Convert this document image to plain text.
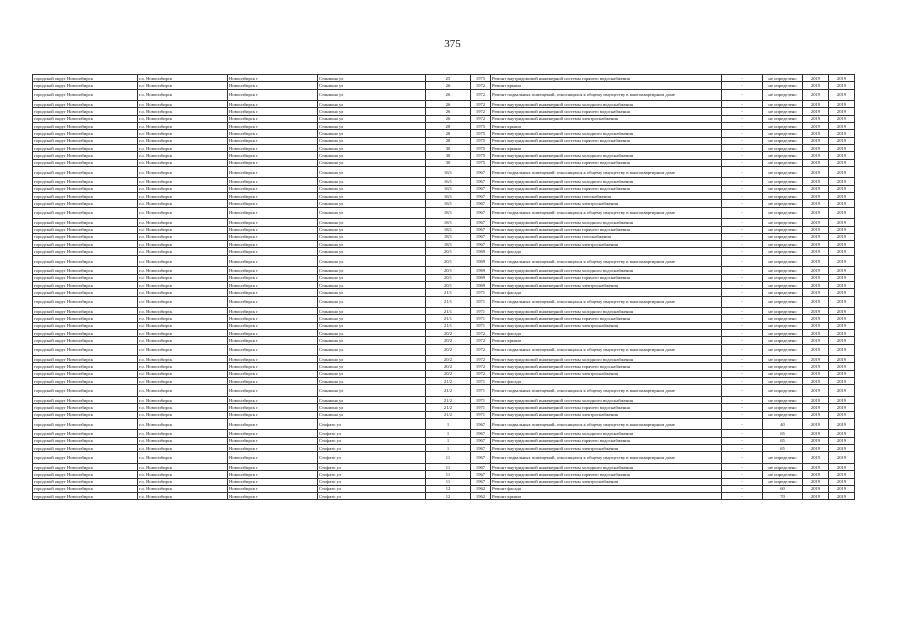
375
городской округ Новосибирск	г.о. Новосибирск	Новосибирск г	Станиона ул	25	1975	Ремонт внутридомовой инженерной системы горячего водоснабжения	-	не определено	2019	2019
городской округ Новосибирск	г.о. Новосибирск	Новосибирск г	Станиона ул	26	1972	Ремонт крыши	-	не определено	2019	2019
городской округ Новосибирск	г.о. Новосибирск	Новосибирск г	Станиона ул	26	1972	Ремонт подвальных помещений, относящихся к общему имуществу в многоквартирном доме	-	не определено	2019	2019
городской округ Новосибирск	г.о. Новосибирск	Новосибирск г	Станиона ул	26	1972	Ремонт внутридомовой инженерной системы холодного водоснабжения	-	не определено	2019	2019
городской округ Новосибирск	г.о. Новосибирск	Новосибирск г	Станиона ул	26	1972	Ремонт внутридомовой инженерной системы горячего водоснабжения	-	не определено	2019	2019
городской округ Новосибирск	г.о. Новосибирск	Новосибирск г	Станиона ул	26	1972	Ремонт внутридомовой инженерной системы электроснабжения	-	не определено	2019	2019
городской округ Новосибирск	г.о. Новосибирск	Новосибирск г	Станиона ул	28	1975	Ремонт крыши	-	не определено	2019	2019
городской округ Новосибирск	г.о. Новосибирск	Новосибирск г	Станиона ул	28	1975	Ремонт внутридомовой инженерной системы холодного водоснабжения	-	не определено	2019	2019
городской округ Новосибирск	г.о. Новосибирск	Новосибирск г	Станиона ул	28	1975	Ремонт внутридомовой инженерной системы горячего водоснабжения	-	не определено	2019	2019
городской округ Новосибирск	г.о. Новосибирск	Новосибирск г	Станиона ул	30	1975	Ремонт крыши	-	не определено	2019	2019
городской округ Новосибирск	г.о. Новосибирск	Новосибирск г	Станиона ул	30	1975	Ремонт внутридомовой инженерной системы холодного водоснабжения	-	не определено	2019	2019
городской округ Новосибирск	г.о. Новосибирск	Новосибирск г	Станиона ул	30	1975	Ремонт внутридомовой инженерной системы горячего водоснабжения	-	не определено	2019	2019
городской округ Новосибирск	г.о. Новосибирск	Новосибирск г	Станиона ул	16/1	1967	Ремонт подвальных помещений, относящихся к общему имуществу в многоквартирном доме	-	не определено	2019	2019
городской округ Новосибирск	г.о. Новосибирск	Новосибирск г	Станиона ул	16/1	1967	Ремонт внутридомовой инженерной системы холодного водоснабжения	-	не определено	2019	2019
городской округ Новосибирск	г.о. Новосибирск	Новосибирск г	Станиона ул	16/1	1967	Ремонт внутридомовой инженерной системы горячего водоснабжения	-	не определено	2019	2019
городской округ Новосибирск	г.о. Новосибирск	Новосибирск г	Станиона ул	16/1	1967	Ремонт внутридомовой инженерной системы газоснабжения	-	не определено	2019	2019
городской округ Новосибирск	г.о. Новосибирск	Новосибирск г	Станиона ул	16/1	1967	Ремонт внутридомовой инженерной системы электроснабжения	-	не определено	2019	2019
городской округ Новосибирск	г.о. Новосибирск	Новосибирск г	Станиона ул	18/1	1967	Ремонт подвальных помещений, относящихся к общему имуществу в многоквартирном доме	-	не определено	2019	2019
городской округ Новосибирск	г.о. Новосибирск	Новосибирск г	Станиона ул	18/1	1967	Ремонт внутридомовой инженерной системы холодного водоснабжения	-	не определено	2019	2019
городской округ Новосибирск	г.о. Новосибирск	Новосибирск г	Станиона ул	18/1	1967	Ремонт внутридомовой инженерной системы горячего водоснабжения	-	не определено	2019	2019
городской округ Новосибирск	г.о. Новосибирск	Новосибирск г	Станиона ул	18/1	1967	Ремонт внутридомовой инженерной системы газоснабжения	-	не определено	2019	2019
городской округ Новосибирск	г.о. Новосибирск	Новосибирск г	Станиона ул	18/1	1967	Ремонт внутридомовой инженерной системы электроснабжения	-	не определено	2019	2019
городской округ Новосибирск	г.о. Новосибирск	Новосибирск г	Станиона ул	20/1	1969	Ремонт фасада	-	не определено	2019	2019
городской округ Новосибирск	г.о. Новосибирск	Новосибирск г	Станиона ул	20/1	1969	Ремонт подвальных помещений, относящихся к общему имуществу в многоквартирном доме	-	не определено	2019	2019
городской округ Новосибирск	г.о. Новосибирск	Новосибирск г	Станиона ул	20/1	1969	Ремонт внутридомовой инженерной системы холодного водоснабжения	-	не определено	2019	2019
городской округ Новосибирск	г.о. Новосибирск	Новосибирск г	Станиона ул	20/1	1969	Ремонт внутридомовой инженерной системы горячего водоснабжения	-	не определено	2019	2019
городской округ Новосибирск	г.о. Новосибирск	Новосибирск г	Станиона ул	20/1	1969	Ремонт внутридомовой инженерной системы электроснабжения	-	не определено	2019	2019
городской округ Новосибирск	г.о. Новосибирск	Новосибирск г	Станиона ул	21/1	1971	Ремонт фасада	-	не определено	2019	2019
городской округ Новосибирск	г.о. Новосибирск	Новосибирск г	Станиона ул	21/1	1971	Ремонт подвальных помещений, относящихся к общему имуществу в многоквартирном доме	-	не определено	2019	2019
городской округ Новосибирск	г.о. Новосибирск	Новосибирск г	Станиона ул	21/1	1971	Ремонт внутридомовой инженерной системы холодного водоснабжения	-	не определено	2019	2019
городской округ Новосибирск	г.о. Новосибирск	Новосибирск г	Станиона ул	21/1	1971	Ремонт внутридомовой инженерной системы горячего водоснабжения	-	не определено	2019	2019
городской округ Новосибирск	г.о. Новосибирск	Новосибирск г	Станиона ул	21/1	1971	Ремонт внутридомовой инженерной системы электроснабжения	-	не определено	2019	2019
городской округ Новосибирск	г.о. Новосибирск	Новосибирск г	Станиона ул	20/2	1972	Ремонт фасада	-	не определено	2019	2019
городской округ Новосибирск	г.о. Новосибирск	Новосибирск г	Станиона ул	20/2	1972	Ремонт крыши	-	не определено	2019	2019
городской округ Новосибирск	г.о. Новосибирск	Новосибирск г	Станиона ул	20/2	1972	Ремонт подвальных помещений, относящихся к общему имуществу в многоквартирном доме	-	не определено	2019	2019
городской округ Новосибирск	г.о. Новосибирск	Новосибирск г	Станиона ул	20/2	1972	Ремонт внутридомовой инженерной системы холодного водоснабжения	-	не определено	2019	2019
городской округ Новосибирск	г.о. Новосибирск	Новосибирск г	Станиона ул	20/2	1972	Ремонт внутридомовой инженерной системы горячего водоснабжения	-	не определено	2019	2019
городской округ Новосибирск	г.о. Новосибирск	Новосибирск г	Станиона ул	20/2	1972	Ремонт внутридомовой инженерной системы электроснабжения	-	не определено	2019	2019
городской округ Новосибирск	г.о. Новосибирск	Новосибирск г	Станиона ул	21/2	1971	Ремонт фасада	-	не определено	2019	2019
городской округ Новосибирск	г.о. Новосибирск	Новосибирск г	Станиона ул	21/2	1971	Ремонт подвальных помещений, относящихся к общему имуществу в многоквартирном доме	-	не определено	2019	2019
городской округ Новосибирск	г.о. Новосибирск	Новосибирск г	Станиона ул	21/2	1971	Ремонт внутридомовой инженерной системы холодного водоснабжения	-	не определено	2019	2019
городской округ Новосибирск	г.о. Новосибирск	Новосибирск г	Станиона ул	21/2	1971	Ремонт внутридомовой инженерной системы горячего водоснабжения	-	не определено	2019	2019
городской округ Новосибирск	г.о. Новосибирск	Новосибирск г	Станиона ул	21/2	1971	Ремонт внутридомовой инженерной системы электроснабжения	-	не определено	2019	2019
городской округ Новосибирск	г.о. Новосибирск	Новосибирск г	Стофато ул	1	1967	Ремонт подвальных помещений, относящихся к общему имуществу в многоквартирном доме	-	40	2019	2019
городской округ Новосибирск	г.о. Новосибирск	Новосибирск г	Стофато ул	1	1967	Ремонт внутридомовой инженерной системы холодного водоснабжения	-	65	2019	2019
городской округ Новосибирск	г.о. Новосибирск	Новосибирск г	Стофато ул	1	1967	Ремонт внутридомовой инженерной системы горячего водоснабжения	-	65	2019	2019
городской округ Новосибирск	г.о. Новосибирск	Новосибирск г	Стофато ул	1	1967	Ремонт внутридомовой инженерной системы электроснабжения	-	65	2019	2019
городской округ Новосибирск	г.о. Новосибирск	Новосибирск г	Стофато ул	11	1967	Ремонт подвальных помещений, относящихся к общему имуществу в многоквартирном доме	-	не определено	2019	2019
городской округ Новосибирск	г.о. Новосибирск	Новосибирск г	Стофато ул	11	1967	Ремонт внутридомовой инженерной системы холодного водоснабжения	-	не определено	2019	2019
городской округ Новосибирск	г.о. Новосибирск	Новосибирск г	Стофато ул	11	1967	Ремонт внутридомовой инженерной системы горячего водоснабжения	-	не определено	2019	2019
городской округ Новосибирск	г.о. Новосибирск	Новосибирск г	Стофато ул	11	1967	Ремонт внутридомовой инженерной системы электроснабжения	-	не определено	2019	2019
городской округ Новосибирск	г.о. Новосибирск	Новосибирск г	Стофато ул	12	1962	Ремонт фасада	-	60	2019	2019
городской округ Новосибирск	г.о. Новосибирск	Новосибирск г	Стофато ул	12	1962	Ремонт крыши	-	70	2019	2019
